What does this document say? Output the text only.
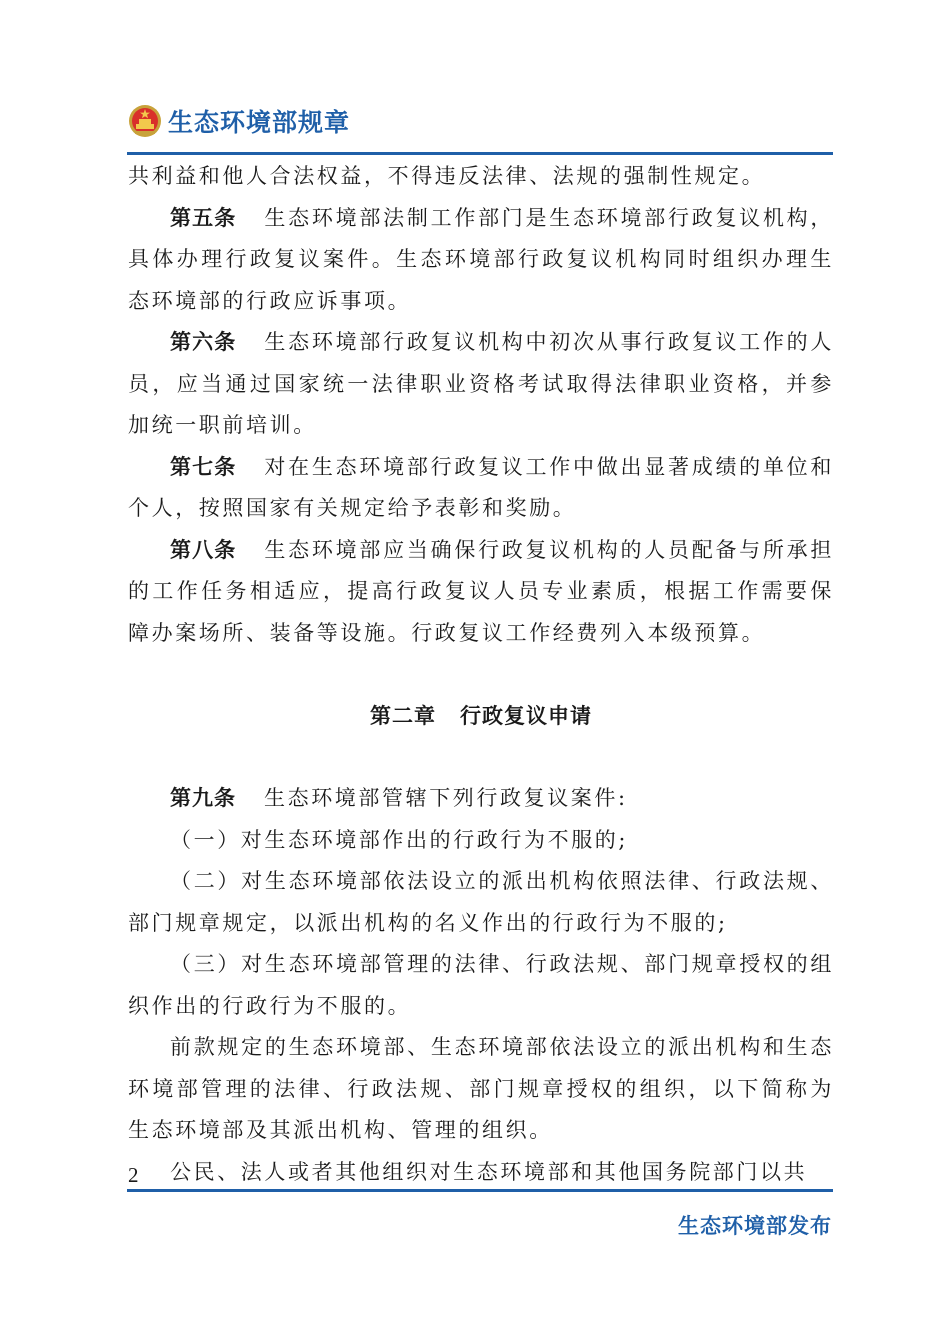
生态环境部规章

共利益和他人合法权益，不得违反法律、法规的强制性规定。

第五条 生态环境部法制工作部门是生态环境部行政复议机构，具体办理行政复议案件。生态环境部行政复议机构同时组织办理生态环境部的行政应诉事项。

第六条 生态环境部行政复议机构中初次从事行政复议工作的人员，应当通过国家统一法律职业资格考试取得法律职业资格，并参加统一职前培训。

第七条 对在生态环境部行政复议工作中做出显著成绩的单位和个人，按照国家有关规定给予表彰和奖励。

第八条 生态环境部应当确保行政复议机构的人员配备与所承担的工作任务相适应，提高行政复议人员专业素质，根据工作需要保障办案场所、装备等设施。行政复议工作经费列入本级预算。

第二章 行政复议申请

第九条 生态环境部管辖下列行政复议案件:

（一）对生态环境部作出的行政行为不服的;

（二）对生态环境部依法设立的派出机构依照法律、行政法规、部门规章规定，以派出机构的名义作出的行政行为不服的;

（三）对生态环境部管理的法律、行政法规、部门规章授权的组织作出的行政行为不服的。

前款规定的生态环境部、生态环境部依法设立的派出机构和生态环境部管理的法律、行政法规、部门规章授权的组织，以下简称为生态环境部及其派出机构、管理的组织。

公民、法人或者其他组织对生态环境部和其他国务院部门以共

2
生态环境部发布
